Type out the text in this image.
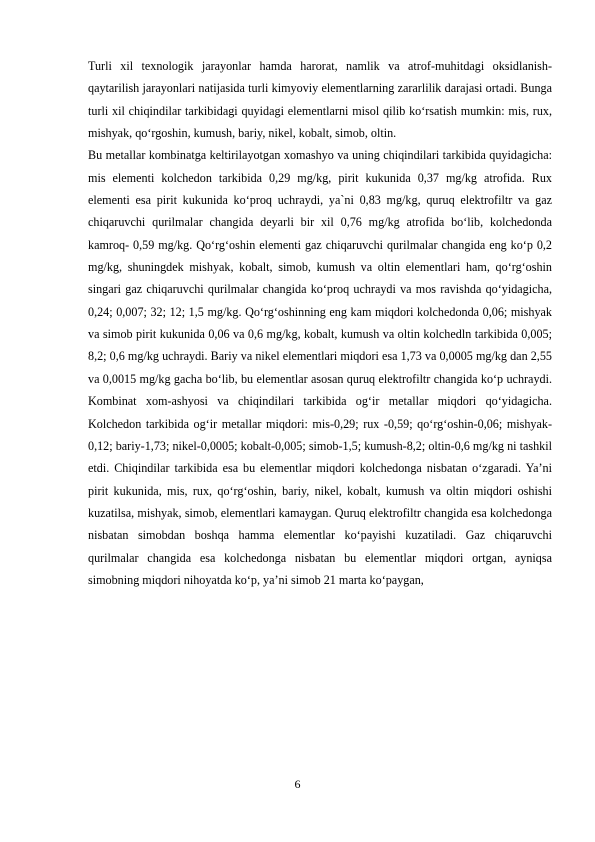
Turli xil texnologik jarayonlar hamda harorat, namlik va atrof-muhitdagi oksidlanish-qaytarilish jarayonlari natijasida turli kimyoviy elementlarning zararlilik darajasi ortadi. Bunga turli xil chiqindilar tarkibidagi quyidagi elementlarni misol qilib ko‘rsatish mumkin: mis, rux, mishyak, qo‘rgoshin, kumush, bariy, nikel, kobalt, simob, oltin.

Bu metallar kombinatga keltirilayotgan xomashyo va uning chiqindilari tarkibida quyidagicha: mis elementi kolchedon tarkibida 0,29 mg/kg, pirit kukunida 0,37 mg/kg atrofida. Rux elementi esa pirit kukunida ko‘proq uchraydi, ya`ni 0,83 mg/kg, quruq elektrofiltr va gaz chiqaruvchi qurilmalar changida deyarli bir xil 0,76 mg/kg atrofida bo‘lib, kolchedonda kamroq- 0,59 mg/kg. Qo‘rg‘oshin elementi gaz chiqaruvchi qurilmalar changida eng ko‘p 0,2 mg/kg, shuningdek mishyak, kobalt, simob, kumush va oltin elementlari ham, qo‘rg‘oshin singari gaz chiqaruvchi qurilmalar changida ko‘proq uchraydi va mos ravishda qo‘yidagicha, 0,24; 0,007; 32; 12; 1,5 mg/kg. Qo‘rg‘oshinning eng kam miqdori kolchedonda 0,06; mishyak va simob pirit kukunida 0,06 va 0,6 mg/kg, kobalt, kumush va oltin kolchedln tarkibida 0,005; 8,2; 0,6 mg/kg uchraydi. Bariy va nikel elementlari miqdori esa 1,73 va 0,0005 mg/kg dan 2,55 va 0,0015 mg/kg gacha bo‘lib, bu elementlar asosan quruq elektrofiltr changida ko‘p uchraydi. Kombinat xom-ashyosi va chiqindilari tarkibida og‘ir metallar miqdori qo‘yidagicha. Kolchedon tarkibida og‘ir metallar miqdori: mis-0,29; rux -0,59; qo‘rg‘oshin-0,06; mishyak-0,12; bariy-1,73; nikel-0,0005; kobalt-0,005; simob-1,5; kumush-8,2; oltin-0,6 mg/kg ni tashkil etdi. Chiqindilar tarkibida esa bu elementlar miqdori kolchedonga nisbatan o‘zgaradi. Ya’ni pirit kukunida, mis, rux, qo‘rg‘oshin, bariy, nikel, kobalt, kumush va oltin miqdori oshishi kuzatilsa, mishyak, simob, elementlari kamaygan. Quruq elektrofiltr changida esa kolchedonga nisbatan simobdan boshqa hamma elementlar ko‘payishi kuzatiladi. Gaz chiqaruvchi qurilmalar changida esa kolchedonga nisbatan bu elementlar miqdori ortgan, ayniqsa simobning miqdori nihoyatda ko‘p, ya’ni simob 21 marta ko‘paygan,

6
